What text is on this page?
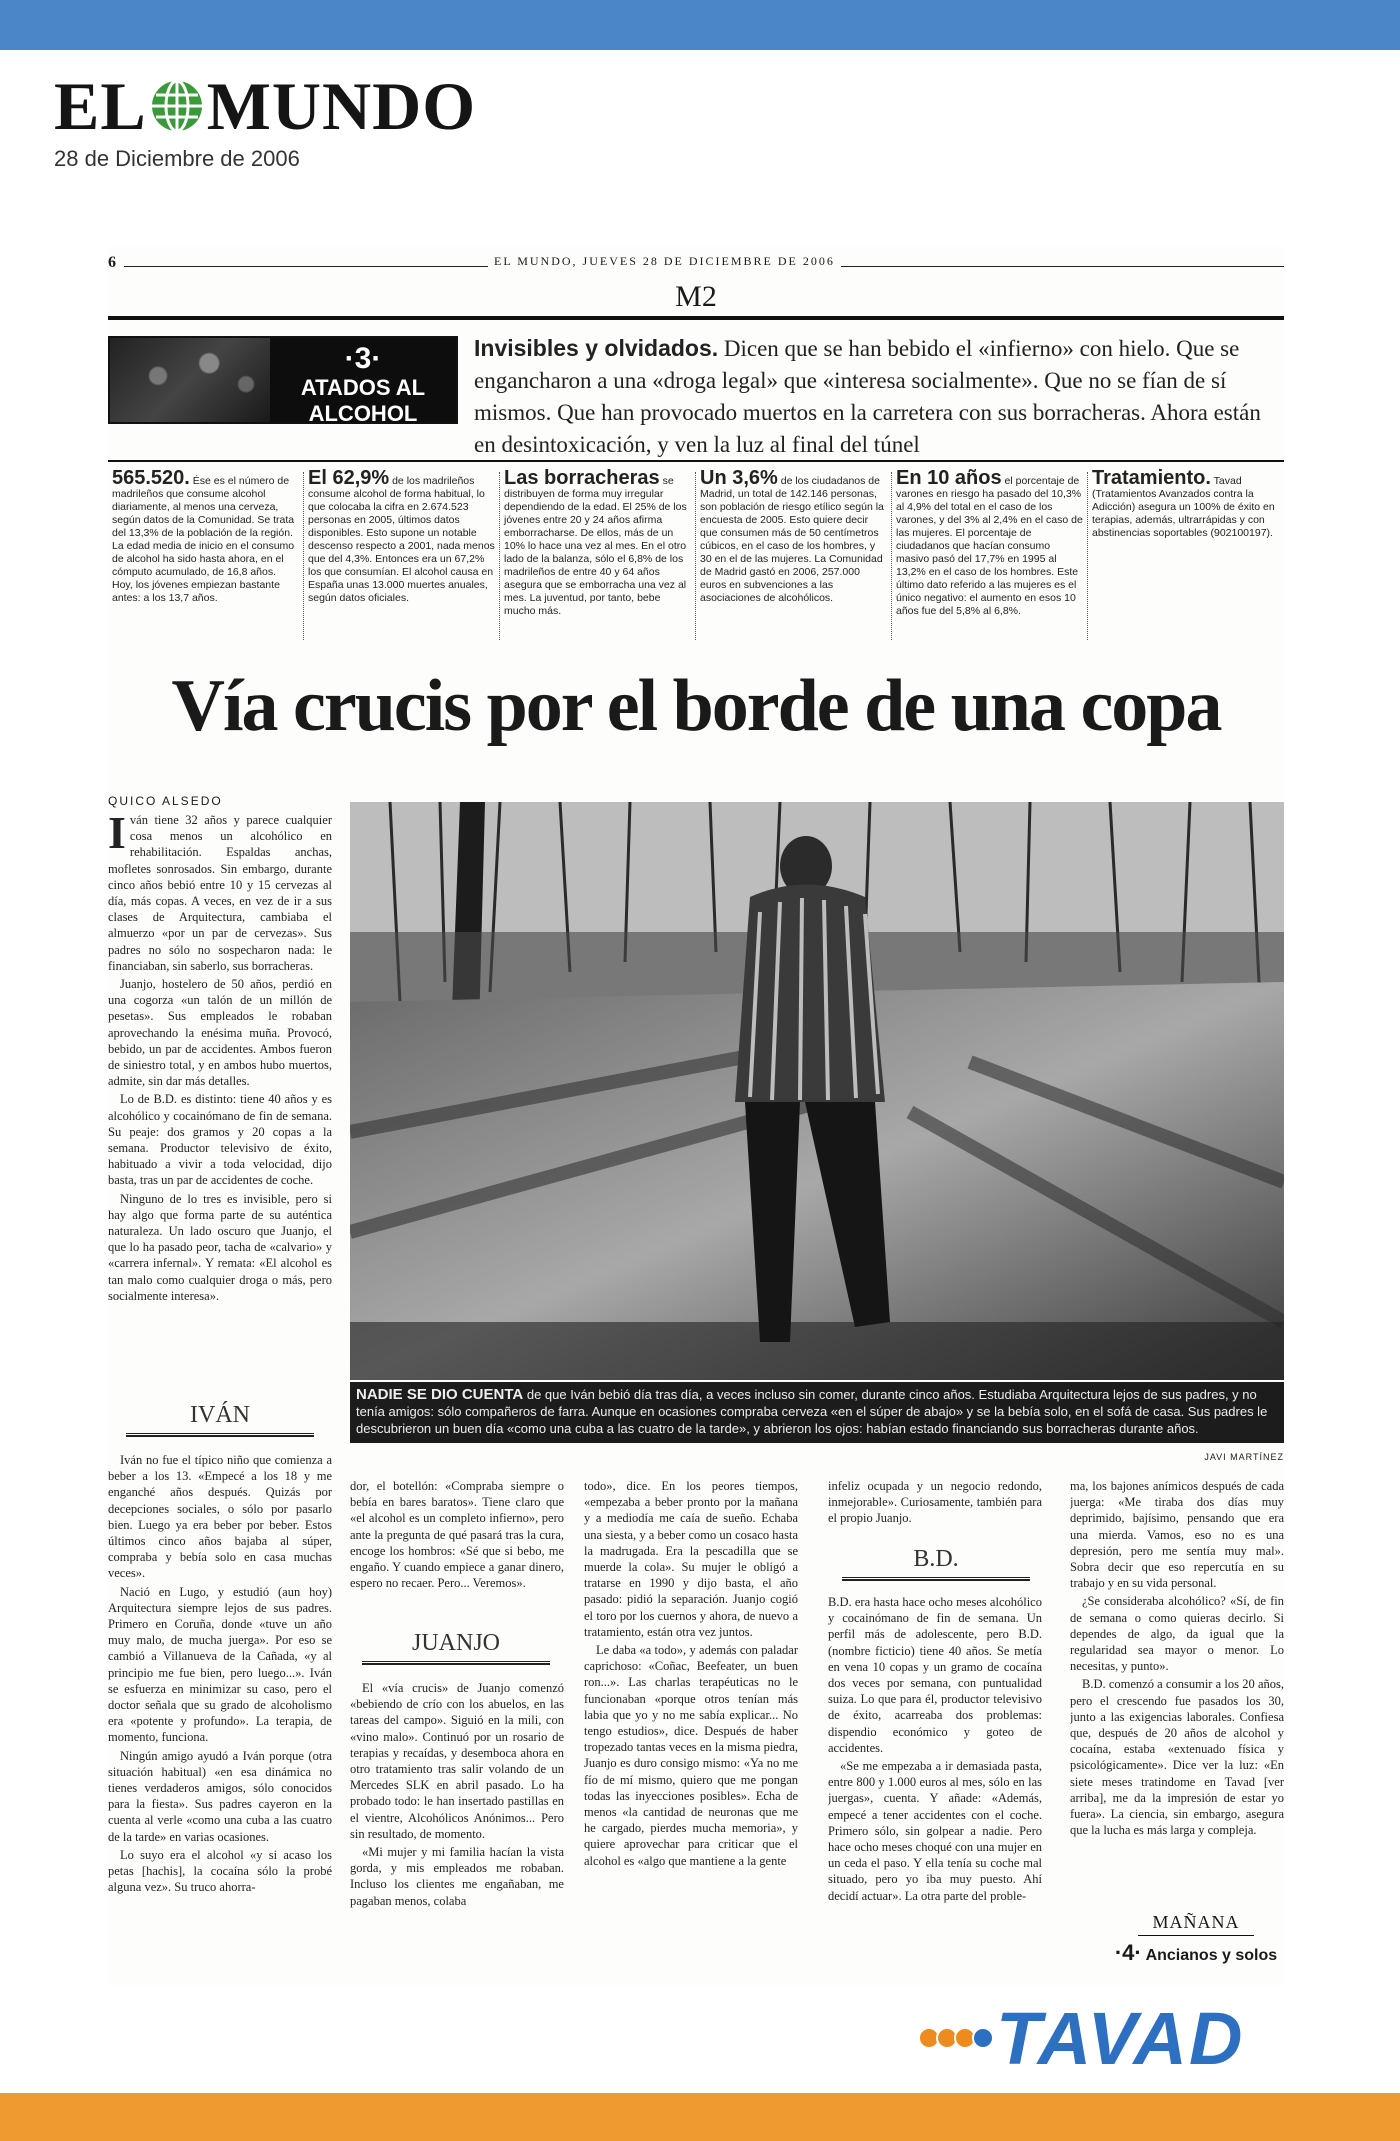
EL MUNDO
28 de Diciembre de 2006
6	EL MUNDO, JUEVES 28 DE DICIEMBRE DE 2006
M2
·3·
ATADOS AL
ALCOHOL
Invisibles y olvidados. Dicen que se han bebido el «infierno» con hielo. Que se engancharon a una «droga legal» que «interesa socialmente». Que no se fían de sí mismos. Que han provocado muertos en la carretera con sus borracheras. Ahora están en desintoxicación, y ven la luz al final del túnel
565.520. Ése es el número de madrileños que consume alcohol diariamente, al menos una cerveza, según datos de la Comunidad. Se trata del 13,3% de la población de la región. La edad media de inicio en el consumo de alcohol ha sido hasta ahora, en el cómputo acumulado, de 16,8 años. Hoy, los jóvenes empiezan bastante antes: a los 13,7 años.
El 62,9% de los madrileños consume alcohol de forma habitual, lo que colocaba la cifra en 2.674.523 personas en 2005, últimos datos disponibles. Esto supone un notable descenso respecto a 2001, nada menos que del 4,3%. Entonces era un 67,2% los que consumían. El alcohol causa en España unas 13.000 muertes anuales, según datos oficiales.
Las borracheras se distribuyen de forma muy irregular dependiendo de la edad. El 25% de los jóvenes entre 20 y 24 años afirma emborracharse. De ellos, más de un 10% lo hace una vez al mes. En el otro lado de la balanza, sólo el 6,8% de los madrileños de entre 40 y 64 años asegura que se emborracha una vez al mes. La juventud, por tanto, bebe mucho más.
Un 3,6% de los ciudadanos de Madrid, un total de 142.146 personas, son población de riesgo etílico según la encuesta de 2005. Esto quiere decir que consumen más de 50 centímetros cúbicos, en el caso de los hombres, y 30 en el de las mujeres. La Comunidad de Madrid gastó en 2006, 257.000 euros en subvenciones a las asociaciones de alcohólicos.
En 10 años el porcentaje de varones en riesgo ha pasado del 10,3% al 4,9% del total en el caso de los varones, y del 3% al 2,4% en el caso de las mujeres. El porcentaje de ciudadanos que hacían consumo masivo pasó del 17,7% en 1995 al 13,2% en el caso de los hombres. Este último dato referido a las mujeres es el único negativo: el aumento en esos 10 años fue del 5,8% al 6,8%.
Tratamiento. Tavad (Tratamientos Avanzados contra la Adicción) asegura un 100% de éxito en terapias, además, ultrarrápidas y con abstinencias soportables (902100197).
Vía crucis por el borde de una copa
QUICO ALSEDO

Iván tiene 32 años y parece cualquier cosa menos un alcohólico en rehabilitación. Espaldas anchas, mofletes sonrosados. Sin embargo, durante cinco años bebió entre 10 y 15 cervezas al día, más copas. A veces, en vez de ir a sus clases de Arquitectura, cambiaba el almuerzo «por un par de cervezas». Sus padres no sólo no sospecharon nada: le financiaban, sin saberlo, sus borracheras.

Juanjo, hostelero de 50 años, perdió en una cogorza «un talón de un millón de pesetas». Sus empleados le robaban aprovechando la enésima muña. Provocó, bebido, un par de accidentes. Ambos fueron de siniestro total, y en ambos hubo muertos, admite, sin dar más detalles.

Lo de B.D. es distinto: tiene 40 años y es alcohólico y cocainómano de fin de semana. Su peaje: dos gramos y 20 copas a la semana. Productor televisivo de éxito, habituado a vivir a toda velocidad, dijo basta, tras un par de accidentes de coche.

Ninguno de lo tres es invisible, pero si hay algo que forma parte de su auténtica naturaleza. Un lado oscuro que Juanjo, el que lo ha pasado peor, tacha de «calvario» y «carrera infernal». Y remata: «El alcohol es tan malo como cualquier droga o más, pero socialmente interesa».

NADIE SE DIO CUENTA de que Iván bebió día tras día, a veces incluso sin comer, durante cinco años. Estudiaba Arquitectura lejos de sus padres, y no tenía amigos: sólo compañeros de farra. Aunque en ocasiones compraba cerveza «en el súper de abajo» y se la bebía solo, en el sofá de casa. Sus padres le descubrieron un buen día «como una cuba a las cuatro de la tarde», y abrieron los ojos: habían estado financiando sus borracheras durante años.
JAVI MARTÍNEZ
IVÁN

Iván no fue el típico niño que comienza a beber a los 13. «Empecé a los 18 y me enganché años después. Quizás por decepciones sociales, o sólo por pasarlo bien. Luego ya era beber por beber. Estos últimos cinco años bajaba al súper, compraba y bebía solo en casa muchas veces».

Nació en Lugo, y estudió (aun hoy) Arquitectura siempre lejos de sus padres. Primero en Coruña, donde «tuve un año muy malo, de mucha juerga». Por eso se cambió a Villanueva de la Cañada, «y al principio me fue bien, pero luego...». Iván se esfuerza en minimizar su caso, pero el doctor señala que su grado de alcoholismo era «potente y profundo». La terapia, de momento, funciona.

Ningún amigo ayudó a Iván porque (otra situación habitual) «en esa dinámica no tienes verdaderos amigos, sólo conocidos para la fiesta». Sus padres cayeron en la cuenta al verle «como una cuba a las cuatro de la tarde» en varias ocasiones.

Lo suyo era el alcohol «y si acaso los petas [hachis], la cocaína sólo la probé alguna vez». Su truco ahorra-

dor, el botellón: «Compraba siempre o bebía en bares baratos». Tiene claro que «el alcohol es un completo infierno», pero ante la pregunta de qué pasará tras la cura, encoge los hombros: «Sé que si bebo, me engaño. Y cuando empiece a ganar dinero, espero no recaer. Pero... Veremos».

JUANJO

El «vía crucis» de Juanjo comenzó «bebiendo de crío con los abuelos, en las tareas del campo». Siguió en la mili, con «vino malo». Continuó por un rosario de terapias y recaídas, y desemboca ahora en otro tratamiento tras salir volando de un Mercedes SLK en abril pasado. Lo ha probado todo: le han insertado pastillas en el vientre, Alcohólicos Anónimos... Pero sin resultado, de momento.

«Mi mujer y mi familia hacían la vista gorda, y mis empleados me robaban. Incluso los clientes me engañaban, me pagaban menos, colaba

todo», dice. En los peores tiempos, «empezaba a beber pronto por la mañana y a mediodía me caía de sueño. Echaba una siesta, y a beber como un cosaco hasta la madrugada. Era la pescadilla que se muerde la cola». Su mujer le obligó a tratarse en 1990 y dijo basta, el año pasado: pidió la separación. Juanjo cogió el toro por los cuernos y ahora, de nuevo a tratamiento, están otra vez juntos.

Le daba «a todo», y además con paladar caprichoso: «Coñac, Beefeater, un buen ron...». Las charlas terapéuticas no le funcionaban «porque otros tenían más labia que yo y no me sabía explicar... No tengo estudios», dice. Después de haber tropezado tantas veces en la misma piedra, Juanjo es duro consigo mismo: «Ya no me fío de mí mismo, quiero que me pongan todas las inyecciones posibles». Echa de menos «la cantidad de neuronas que me he cargado, pierdes mucha memoria», y quiere aprovechar para criticar que el alcohol es «algo que mantiene a la gente

infeliz ocupada y un negocio redondo, inmejorable». Curiosamente, también para el propio Juanjo.

B.D.

B.D. era hasta hace ocho meses alcohólico y cocainómano de fin de semana. Un perfil más de adolescente, pero B.D. (nombre ficticio) tiene 40 años. Se metía en vena 10 copas y un gramo de cocaína dos veces por semana, con puntualidad suiza. Lo que para él, productor televisivo de éxito, acarreaba dos problemas: dispendio económico y goteo de accidentes.

«Se me empezaba a ir demasiada pasta, entre 800 y 1.000 euros al mes, sólo en las juergas», cuenta. Y añade: «Además, empecé a tener accidentes con el coche. Primero sólo, sin golpear a nadie. Pero hace ocho meses choqué con una mujer en un ceda el paso. Y ella tenía su coche mal situado, pero yo iba muy puesto. Ahí decidí actuar». La otra parte del proble-

ma, los bajones anímicos después de cada juerga: «Me tiraba dos días muy deprimido, bajísimo, pensando que era una mierda. Vamos, eso no es una depresión, pero me sentía muy mal». Sobra decir que eso repercutía en su trabajo y en su vida personal.

¿Se consideraba alcohólico? «Sí, de fin de semana o como quieras decirlo. Si dependes de algo, da igual que la regularidad sea mayor o menor. Lo necesitas, y punto».

B.D. comenzó a consumir a los 20 años, pero el crescendo fue pasados los 30, junto a las exigencias laborales. Confiesa que, después de 20 años de alcohol y cocaína, estaba «extenuado física y psicológicamente». Dice ver la luz: «En siete meses tratindome en Tavad [ver arriba], me da la impresión de estar yo fuera». La ciencia, sin embargo, asegura que la lucha es más larga y compleja.

MAÑANA
·4· Ancianos y solos
TAVAD
